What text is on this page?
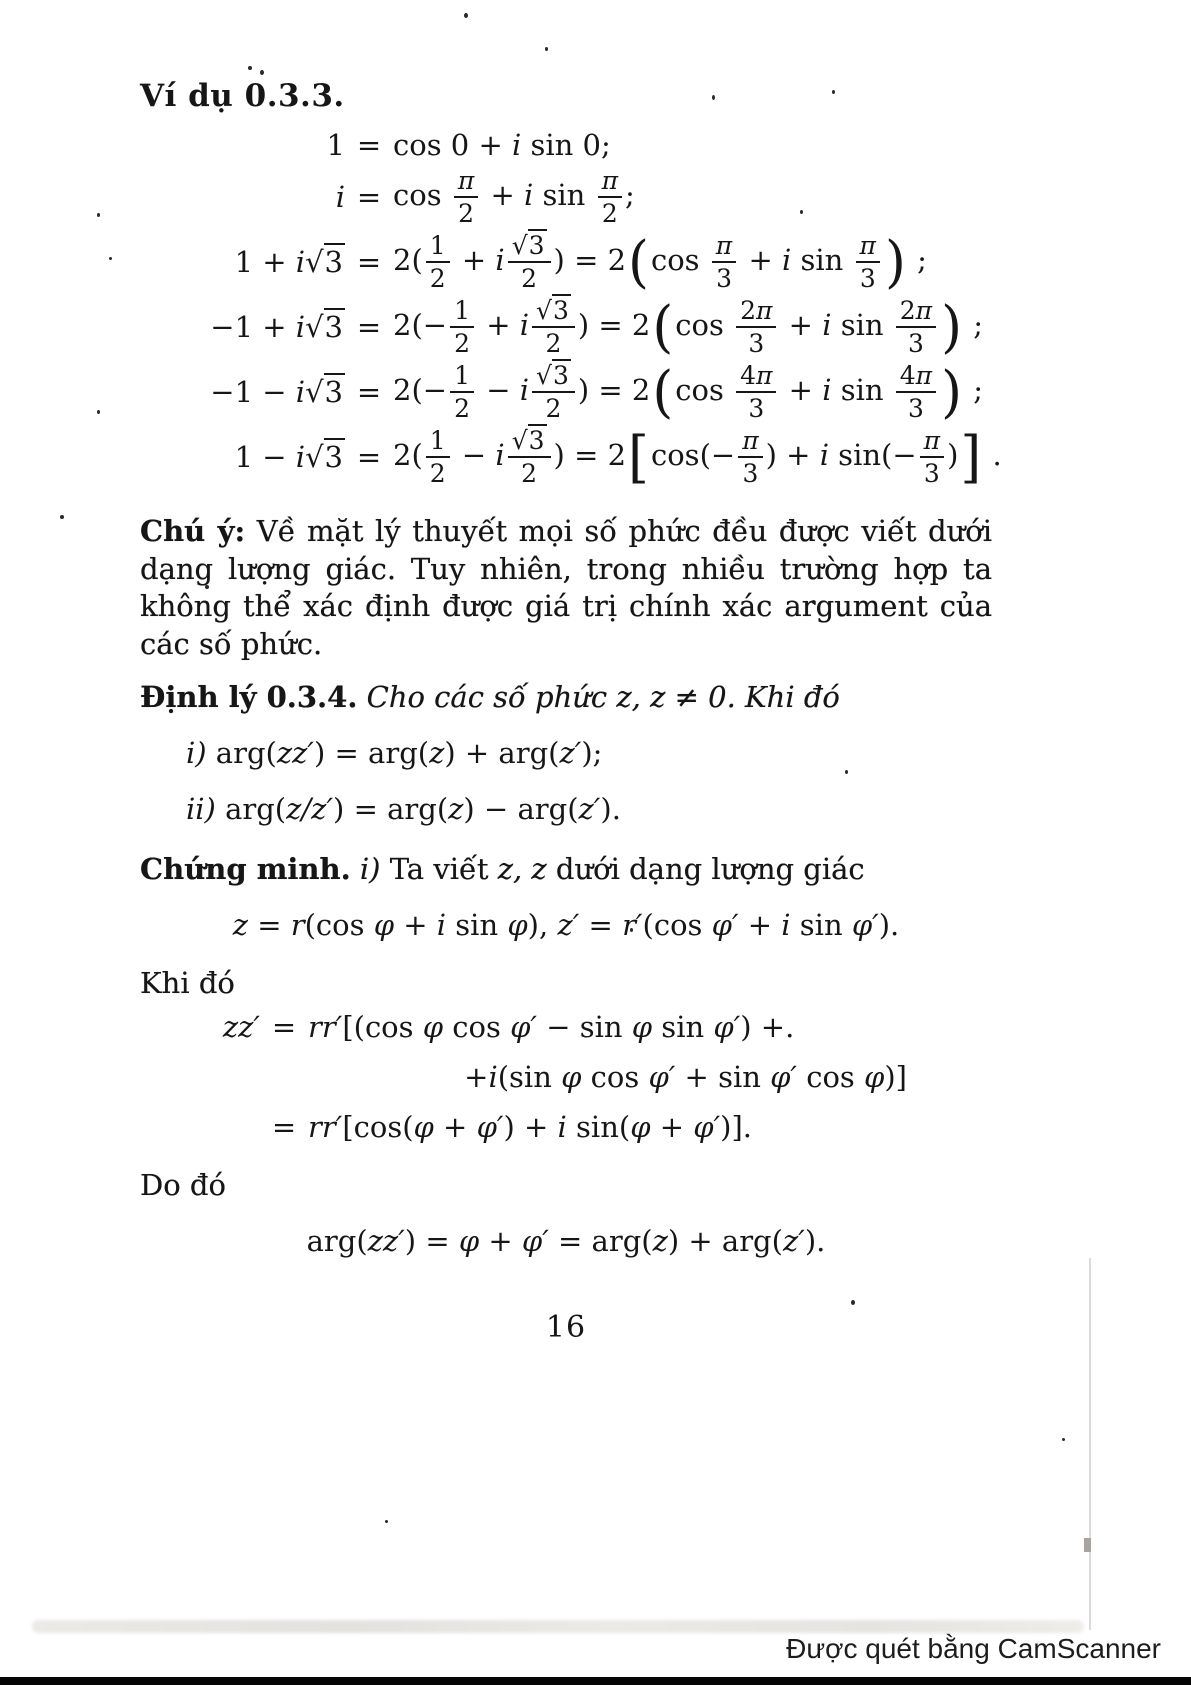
Ví dụ 0.3.3.
1 = cos 0 + i sin 0;
$i = \cos \frac{\pi}{2} + i$ $\sin \frac{\pi}{2}$ ;
$1 + i√3 = 2( \frac{1}{2} + i \frac{√3}{2}$ ) = $2(\cos \frac{\pi}{3} + i$ $\sin \frac{\pi}{3}$ ) ;
$-1 + i√3 = 2(- \frac{1}{2} + i \frac{√3}{2}$ ) = $2(\cos \frac{2\pi}{3} + i$ $\sin \frac{2\pi}{3}$ ) ;
$-1 - i√3 = 2(- \frac{1}{2} - i \frac{√3}{2}$ ) = $2(\cos \frac{4\pi}{3} + i$ $\sin \frac{4\pi}{3}$ ) ;
$1 - i√3 = 2( \frac{1}{2} - i \frac{√3}{2}$ ) = $2[\cos(- \frac{\pi}{3}$ ) + i $\sin(- \frac{\pi}{3}$ )] .

Chú ý: Về mặt lý thuyết mọi số phức đều được viết dưới dạng lượng giác. Tuy nhiên, trong nhiều trường hợp ta không thể xác định được giá trị chính xác argument của các số phức.

Định lý 0.3.4. Cho các số phức z, z ≠ 0. Khi đó

i) arg(zz′) = arg(z) + arg(z′);
ii) arg(z/z′) = arg(z) − arg(z′).

Chứng minh. i) Ta viết z, z dưới dạng lượng giác

z = r(cos φ + i sin φ), z′ = r′(cos φ′ + i sin φ′).

Khi đó

zz′ = rr′[(cos φ cos φ′ − sin φ sin φ′) +.
+i(sin φ cos φ′ + sin φ′ cos φ)]
= rr′[cos(φ + φ′) + i sin(φ + φ′)].

Do đó

arg(zz′) = φ + φ′ = arg(z) + arg(z′).
16
Được quét bằng CamScanner
